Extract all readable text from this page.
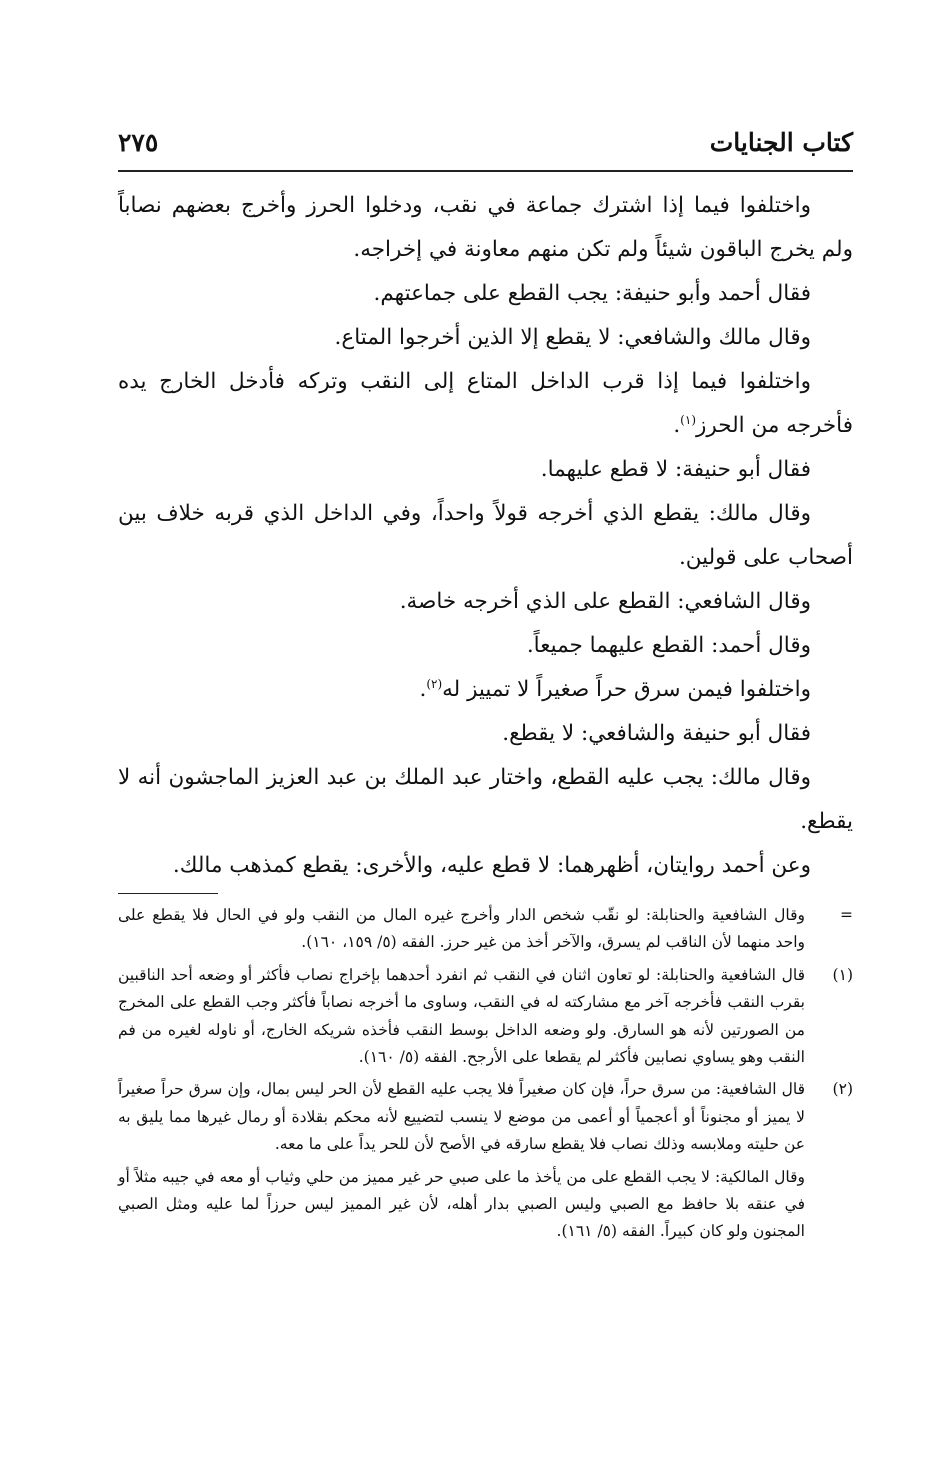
كتاب الجنايات
٢٧٥

واختلفوا فيما إذا اشترك جماعة في نقب، ودخلوا الحرز وأخرج بعضهم نصاباً ولم يخرج الباقون شيئاً ولم تكن منهم معاونة في إخراجه.

فقال أحمد وأبو حنيفة: يجب القطع على جماعتهم.

وقال مالك والشافعي: لا يقطع إلا الذين أخرجوا المتاع.

واختلفوا فيما إذا قرب الداخل المتاع إلى النقب وتركه فأدخل الخارج يده فأخرجه من الحرز$^{(١)}$.

فقال أبو حنيفة: لا قطع عليهما.

وقال مالك: يقطع الذي أخرجه قولاً واحداً، وفي الداخل الذي قربه خلاف بين أصحاب على قولين.

وقال الشافعي: القطع على الذي أخرجه خاصة.

وقال أحمد: القطع عليهما جميعاً.

واختلفوا فيمن سرق حراً صغيراً لا تمييز له$^{(٢)}$.

فقال أبو حنيفة والشافعي: لا يقطع.

وقال مالك: يجب عليه القطع، واختار عبد الملك بن عبد العزيز الماجشون أنه لا يقطع.

وعن أحمد روايتان، أظهرهما: لا قطع عليه، والأخرى: يقطع كمذهب مالك.

=
وقال الشافعية والحنابلة: لو نقّب شخص الدار وأخرج غيره المال من النقب ولو في الحال فلا يقطع على واحد منهما لأن الناقب لم يسرق، والآخر أخذ من غير حرز. الفقه (٥/ ١٥٩، ١٦٠).
(١)
قال الشافعية والحنابلة: لو تعاون اثنان في النقب ثم انفرد أحدهما بإخراج نصاب فأكثر أو وضعه أحد الناقبين بقرب النقب فأخرجه آخر مع مشاركته له في النقب، وساوى ما أخرجه نصاباً فأكثر وجب القطع على المخرج من الصورتين لأنه هو السارق. ولو وضعه الداخل بوسط النقب فأخذه شريكه الخارج، أو ناوله لغيره من فم النقب وهو يساوي نصابين فأكثر لم يقطعا على الأرجح. الفقه (٥/ ١٦٠).
(٢)
قال الشافعية: من سرق حراً، فإن كان صغيراً فلا يجب عليه القطع لأن الحر ليس بمال، وإن سرق حراً صغيراً لا يميز أو مجنوناً أو أعجمياً أو أعمى من موضع لا ينسب لتضييع لأنه محكم بقلادة أو رمال غيرها مما يليق به عن حليته وملابسه وذلك نصاب فلا يقطع سارقه في الأصح لأن للحر يداً على ما معه.

وقال المالكية: لا يجب القطع على من يأخذ ما على صبي حر غير مميز من حلي وثياب أو معه في جيبه مثلاً أو في عنقه بلا حافظ مع الصبي وليس الصبي بدار أهله، لأن غير المميز ليس حرزاً لما عليه ومثل الصبي المجنون ولو كان كبيراً. الفقه (٥/ ١٦١).
